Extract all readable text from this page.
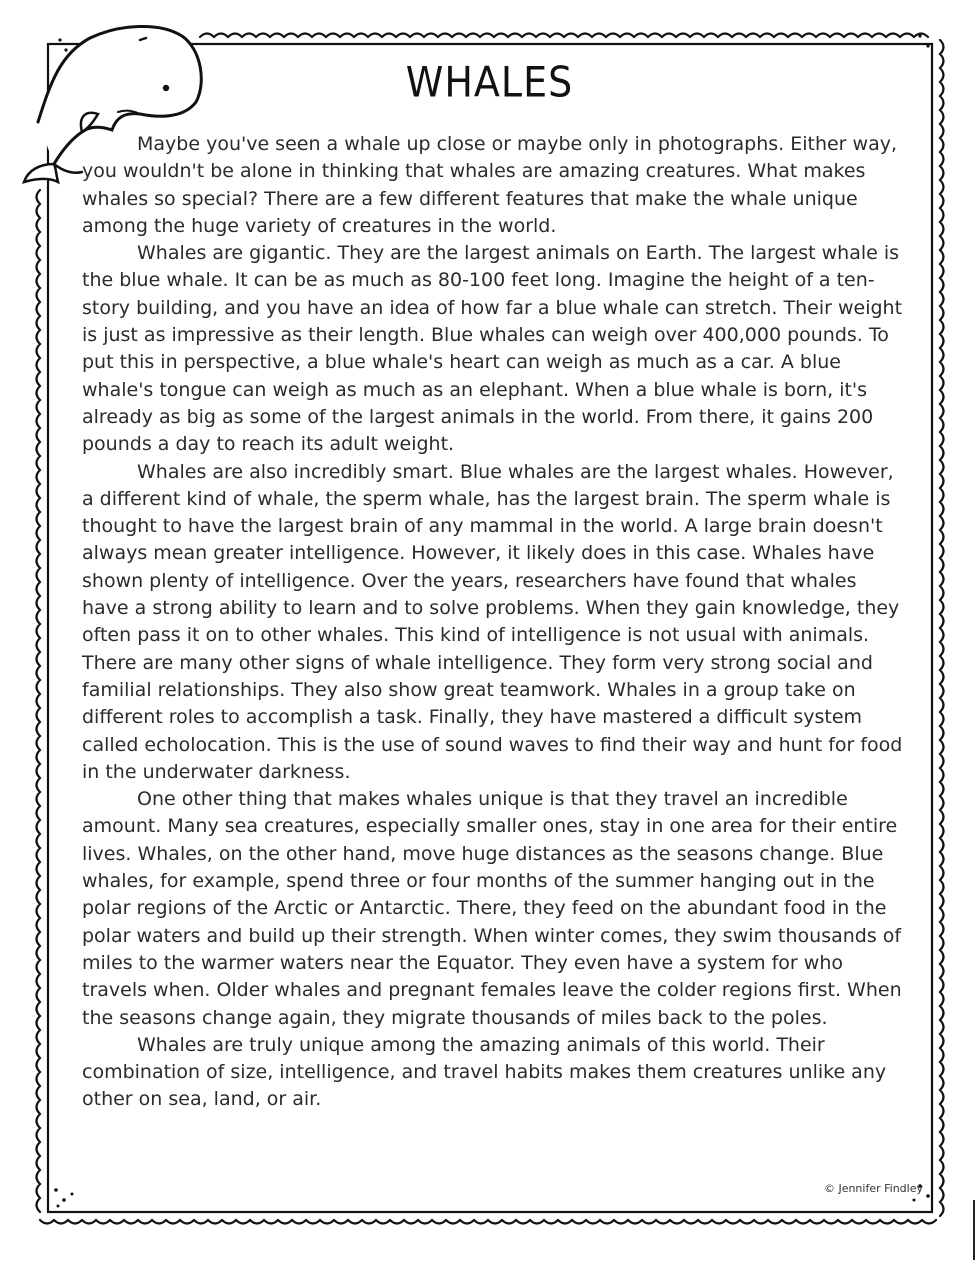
WHALES

Maybe you've seen a whale up close or maybe only in photographs. Either way, you wouldn't be alone in thinking that whales are amazing creatures. What makes whales so special? There are a few different features that make the whale unique among the huge variety of creatures in the world.

Whales are gigantic. They are the largest animals on Earth. The largest whale is the blue whale. It can be as much as 80-100 feet long. Imagine the height of a ten-story building, and you have an idea of how far a blue whale can stretch. Their weight is just as impressive as their length. Blue whales can weigh over 400,000 pounds. To put this in perspective, a blue whale's heart can weigh as much as a car. A blue whale's tongue can weigh as much as an elephant. When a blue whale is born, it's already as big as some of the largest animals in the world. From there, it gains 200 pounds a day to reach its adult weight.

Whales are also incredibly smart. Blue whales are the largest whales. However, a different kind of whale, the sperm whale, has the largest brain. The sperm whale is thought to have the largest brain of any mammal in the world. A large brain doesn't always mean greater intelligence. However, it likely does in this case. Whales have shown plenty of intelligence. Over the years, researchers have found that whales have a strong ability to learn and to solve problems. When they gain knowledge, they often pass it on to other whales. This kind of intelligence is not usual with animals. There are many other signs of whale intelligence. They form very strong social and familial relationships. They also show great teamwork. Whales in a group take on different roles to accomplish a task. Finally, they have mastered a difficult system called echolocation. This is the use of sound waves to find their way and hunt for food in the underwater darkness.

One other thing that makes whales unique is that they travel an incredible amount. Many sea creatures, especially smaller ones, stay in one area for their entire lives. Whales, on the other hand, move huge distances as the seasons change. Blue whales, for example, spend three or four months of the summer hanging out in the polar regions of the Arctic or Antarctic. There, they feed on the abundant food in the polar waters and build up their strength. When winter comes, they swim thousands of miles to the warmer waters near the Equator. They even have a system for who travels when. Older whales and pregnant females leave the colder regions first. When the seasons change again, they migrate thousands of miles back to the poles.

Whales are truly unique among the amazing animals of this world. Their combination of size, intelligence, and travel habits makes them creatures unlike any other on sea, land, or air.

© Jennifer Findley
